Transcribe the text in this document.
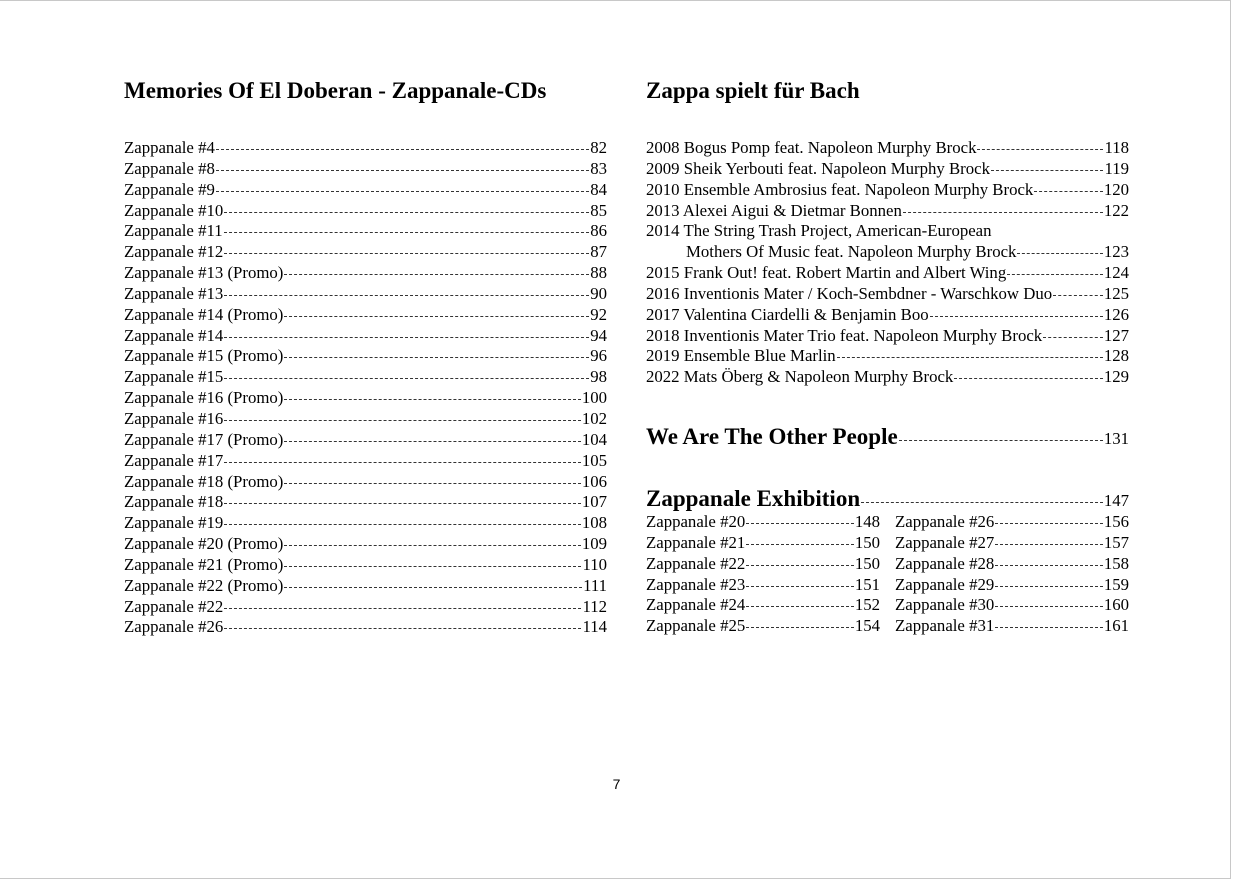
Memories Of El Doberan - Zappanale-CDs
Zappanale #4	82
Zappanale #8	83
Zappanale #9	84
Zappanale #10	85
Zappanale #11	86
Zappanale #12	87
Zappanale #13 (Promo)	88
Zappanale #13	90
Zappanale #14 (Promo)	92
Zappanale #14	94
Zappanale #15 (Promo)	96
Zappanale #15	98
Zappanale #16 (Promo)	100
Zappanale #16	102
Zappanale #17 (Promo)	104
Zappanale #17	105
Zappanale #18 (Promo)	106
Zappanale #18	107
Zappanale #19	108
Zappanale #20 (Promo)	109
Zappanale #21 (Promo)	110
Zappanale #22 (Promo)	111
Zappanale #22	112
Zappanale #26	114
Zappa spielt für Bach
2008 Bogus Pomp feat. Napoleon Murphy Brock	118
2009 Sheik Yerbouti feat. Napoleon Murphy Brock	119
2010 Ensemble Ambrosius feat. Napoleon Murphy Brock	120
2013 Alexei Aigui & Dietmar Bonnen	122
2014 The String Trash Project, American-European
Mothers Of Music feat. Napoleon Murphy Brock	123
2015 Frank Out! feat. Robert Martin and Albert Wing	124
2016 Inventionis Mater / Koch-Sembdner - Warschkow Duo	125
2017 Valentina Ciardelli & Benjamin Boo	126
2018 Inventionis Mater Trio feat. Napoleon Murphy Brock	127
2019 Ensemble Blue Marlin	128
2022 Mats Öberg & Napoleon Murphy Brock	129
We Are The Other People	131
Zappanale Exhibition	147
Zappanale #20	148
Zappanale #21	150
Zappanale #22	150
Zappanale #23	151
Zappanale #24	152
Zappanale #25	154
Zappanale #26	156
Zappanale #27	157
Zappanale #28	158
Zappanale #29	159
Zappanale #30	160
Zappanale #31	161
7
